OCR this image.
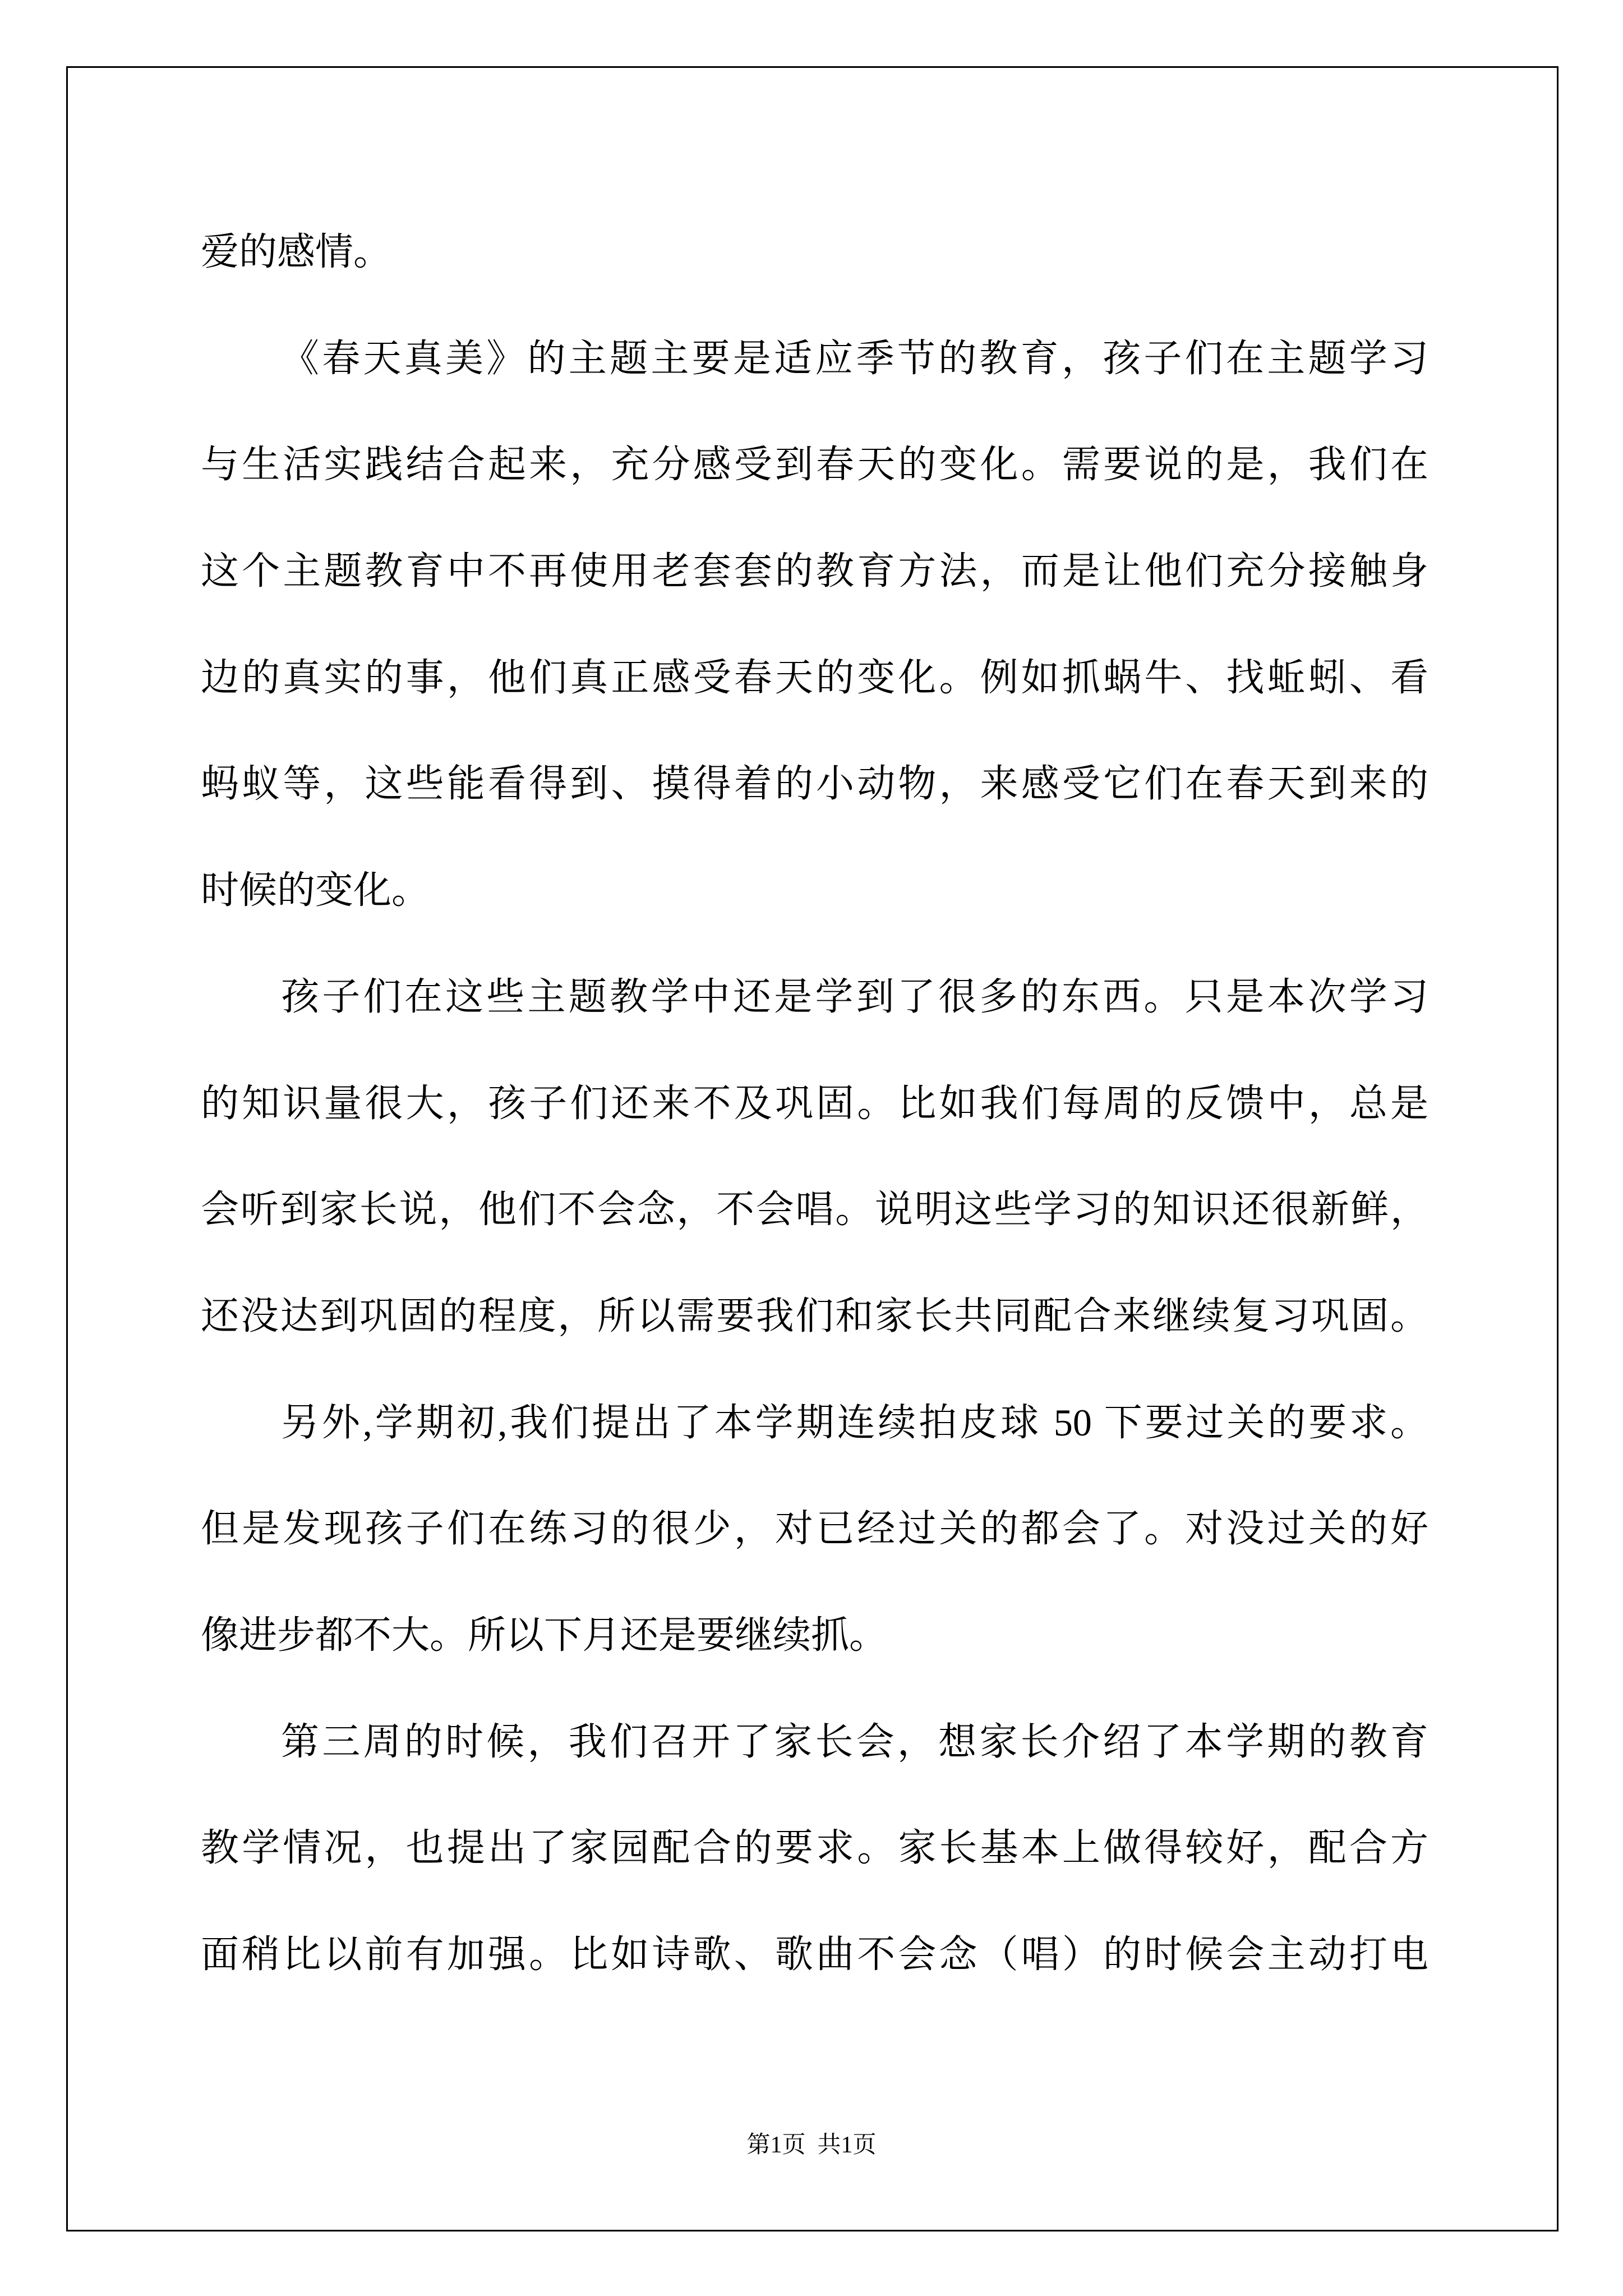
爱的感情。
《春天真美》的主题主要是适应季节的教育，孩子们在主题学习
与生活实践结合起来，充分感受到春天的变化。需要说的是，我们在
这个主题教育中不再使用老套套的教育方法，而是让他们充分接触身
边的真实的事，他们真正感受春天的变化。例如抓蜗牛、找蚯蚓、看
蚂蚁等，这些能看得到、摸得着的小动物，来感受它们在春天到来的
时候的变化。
孩子们在这些主题教学中还是学到了很多的东西。只是本次学习
的知识量很大，孩子们还来不及巩固。比如我们每周的反馈中，总是
会听到家长说，他们不会念，不会唱。说明这些学习的知识还很新鲜，
还没达到巩固的程度，所以需要我们和家长共同配合来继续复习巩固。
另外,学期初,我们提出了本学期连续拍皮球 50 下要过关的要求。
但是发现孩子们在练习的很少，对已经过关的都会了。对没过关的好
像进步都不大。所以下月还是要继续抓。
第三周的时候，我们召开了家长会，想家长介绍了本学期的教育
教学情况，也提出了家园配合的要求。家长基本上做得较好，配合方
面稍比以前有加强。比如诗歌、歌曲不会念（唱）的时候会主动打电
第1页  共1页
